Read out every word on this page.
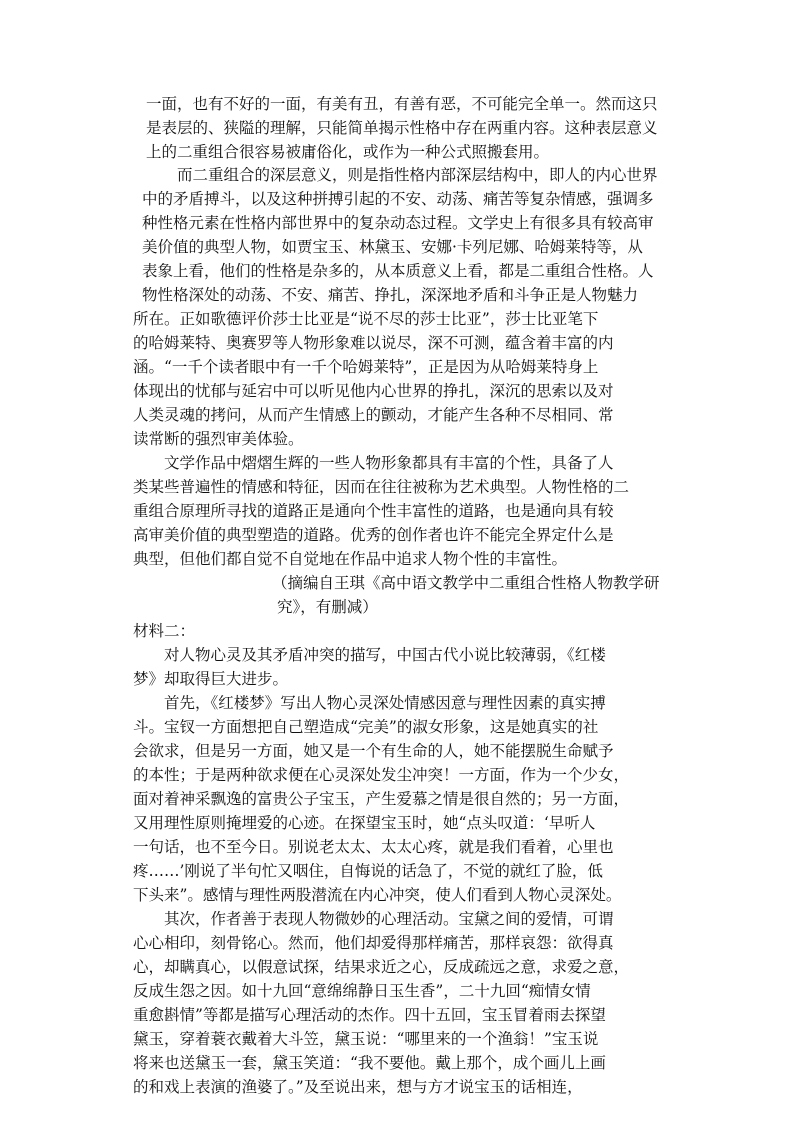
一面，也有不好的一面，有美有丑，有善有恶，不可能完全单一。然而这只
是表层的、狭隘的理解，只能简单揭示性格中存在两重内容。这种表层意义
上的二重组合很容易被庸俗化，或作为一种公式照搬套用。
而二重组合的深层意义，则是指性格内部深层结构中，即人的内心世界
中的矛盾搏斗，以及这种拼搏引起的不安、动荡、痛苦等复杂情感，强调多
种性格元素在性格内部世界中的复杂动态过程。文学史上有很多具有较高审
美价值的典型人物，如贾宝玉、林黛玉、安娜·卡列尼娜、哈姆莱特等，从
表象上看，他们的性格是杂多的，从本质意义上看，都是二重组合性格。人
物性格深处的动荡、不安、痛苦、挣扎，深深地矛盾和斗争正是人物魅力
所在。正如歌德评价莎士比亚是“说不尽的莎士比亚”，莎士比亚笔下
的哈姆莱特、奥赛罗等人物形象难以说尽，深不可测，蕴含着丰富的内
涵。“一千个读者眼中有一千个哈姆莱特”，正是因为从哈姆莱特身上
体现出的忧郁与延宕中可以听见他内心世界的挣扎，深沉的思索以及对
人类灵魂的拷问，从而产生情感上的颤动，才能产生各种不尽相同、常
读常断的强烈审美体验。
文学作品中熠熠生辉的一些人物形象都具有丰富的个性，具备了人
类某些普遍性的情感和特征，因而在往往被称为艺术典型。人物性格的二
重组合原理所寻找的道路正是通向个性丰富性的道路，也是通向具有较
高审美价值的典型塑造的道路。优秀的创作者也许不能完全界定什么是
典型，但他们都自觉不自觉地在作品中追求人物个性的丰富性。
（摘编自王琪《高中语文教学中二重组合性格人物教学研
究》，有删减）
材料二：
对人物心灵及其矛盾冲突的描写，中国古代小说比较薄弱，《红楼
梦》却取得巨大进步。
首先，《红楼梦》写出人物心灵深处情感因意与理性因素的真实搏
斗。宝钗一方面想把自己塑造成“完美”的淑女形象，这是她真实的社
会欲求，但是另一方面，她又是一个有生命的人，她不能摆脱生命赋予
的本性；于是两种欲求便在心灵深处发尘冲突！一方面，作为一个少女，
面对着神采飘逸的富贵公子宝玉，产生爱慕之情是很自然的；另一方面，
又用理性原则掩埋爱的心迹。在探望宝玉时，她“点头叹道：‘早听人
一句话，也不至今日。别说老太太、太太心疼，就是我们看着，心里也
疼……’刚说了半句忙又咽住，自悔说的话急了，不觉的就红了脸，低
下头来”。感情与理性两股潜流在内心冲突，使人们看到人物心灵深处。
其次，作者善于表现人物微妙的心理活动。宝黛之间的爱情，可谓
心心相印，刻骨铭心。然而，他们却爱得那样痛苦，那样哀怨：欲得真
心，却瞒真心，以假意试探，结果求近之心，反成疏远之意，求爱之意，
反成生怨之因。如十九回“意绵绵静日玉生香”，二十九回“痴情女情
重愈斟情”等都是描写心理活动的杰作。四十五回，宝玉冒着雨去探望
黛玉，穿着蓑衣戴着大斗笠，黛玉说：“哪里来的一个渔翁！”宝玉说
将来也送黛玉一套，黛玉笑道：“我不要他。戴上那个，成个画儿上画
的和戏上表演的渔婆了。”及至说出来，想与方才说宝玉的话相连，
